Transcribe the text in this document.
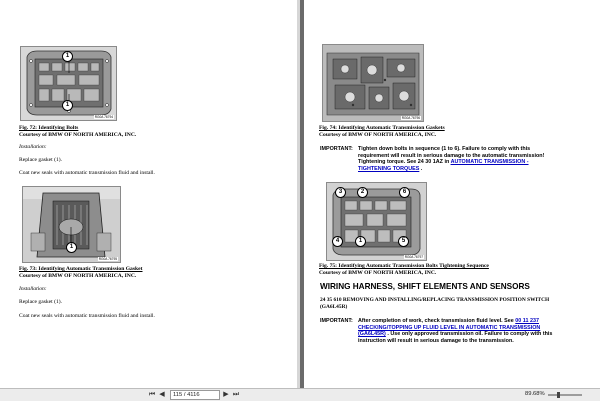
1
1
RG0A 76794
Fig. 72: Identifying Bolts
Courtesy of BMW OF NORTH AMERICA, INC.
Installation:
Replace gasket (1).
Coat new seals with automatic transmission fluid and install.
1
RG0A 76795
Fig. 73: Identifying Automatic Transmission Gasket
Courtesy of BMW OF NORTH AMERICA, INC.
Installation:
Replace gasket (1).
Coat new seals with automatic transmission fluid and install.
RG0A 76796
Fig. 74: Identifying Automatic Transmission Gaskets
Courtesy of BMW OF NORTH AMERICA, INC.
IMPORTANT: Tighten down bolts in sequence (1 to 6). Failure to comply with this
requirement will result in serious damage to the automatic transmission!
Tightening torque. See 24 30 1AZ in AUTOMATIC TRANSMISSION -
TIGHTENING TORQUES .
3	2	6
4	1	5
RG0A 76797
Fig. 75: Identifying Automatic Transmission Bolts Tightening Sequence
Courtesy of BMW OF NORTH AMERICA, INC.
WIRING HARNESS, SHIFT ELEMENTS AND SENSORS
24 35 610 REMOVING AND INSTALLING/REPLACING TRANSMISSION POSITION SWITCH
(GA6L45R)
IMPORTANT: After completion of work, check transmission fluid level. See 00 11 237
CHECKING/TOPPING UP FLUID LEVEL IN AUTOMATIC TRANSMISSION
(GA6L45R) . Use only approved transmission oil. Failure to comply with this
instruction will result in serious damage to the transmission.
⏮ ◀	115 / 4116	▶ ⏭	89.68%
